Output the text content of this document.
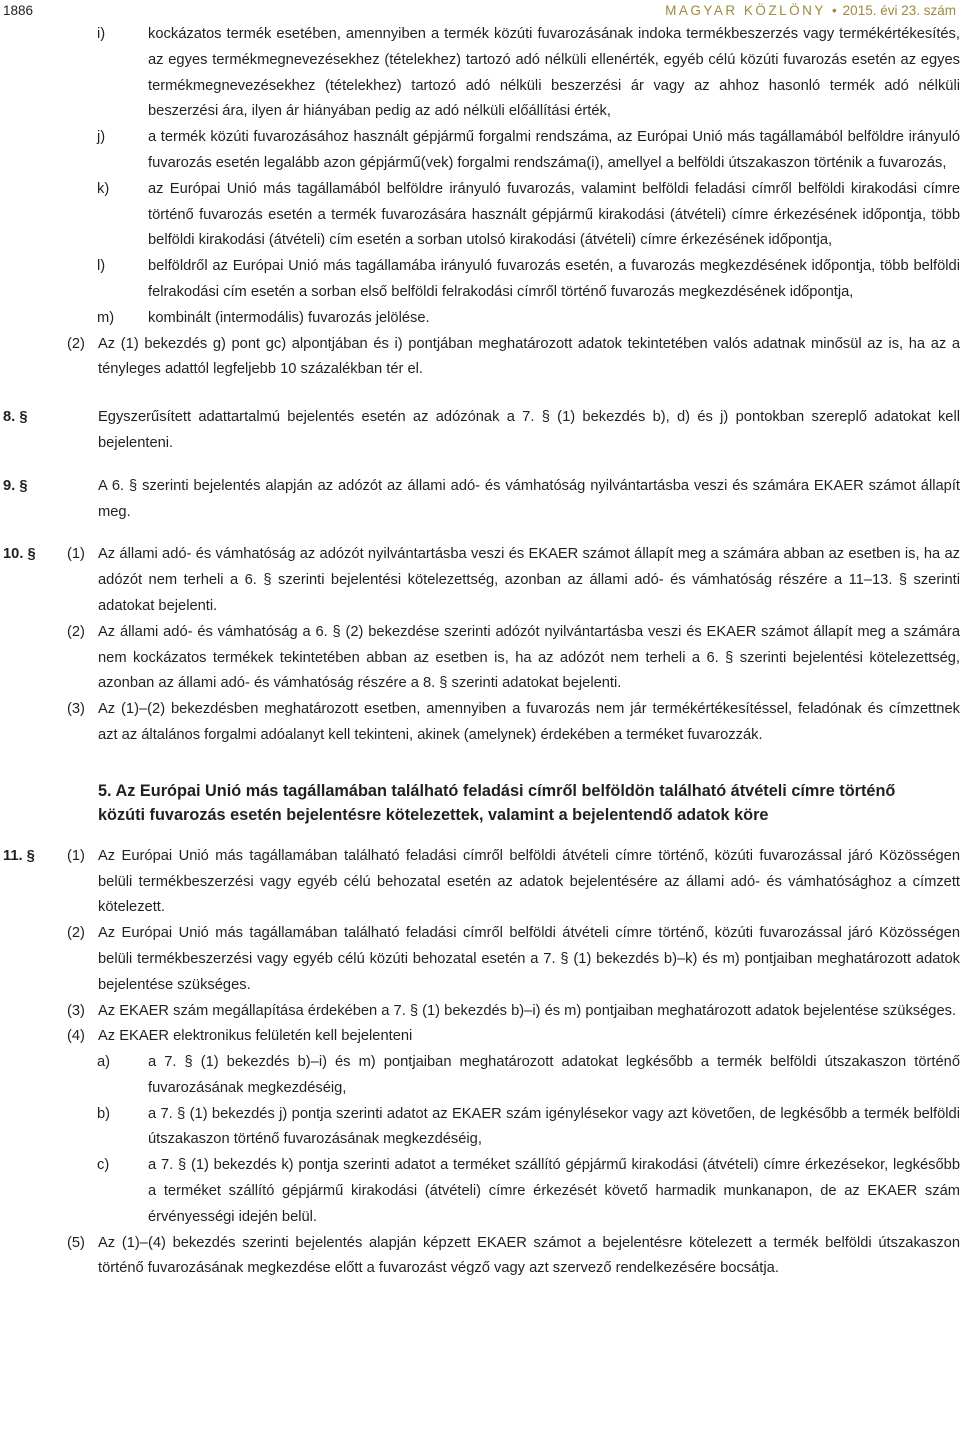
1886	MAGYAR KÖZLÖNY • 2015. évi 23. szám
i)	kockázatos termék esetében, amennyiben a termék közúti fuvarozásának indoka termékbeszerzés vagy termékértékesítés, az egyes termékmegnevezésekhez (tételekhez) tartozó adó nélküli ellenérték, egyéb célú közúti fuvarozás esetén az egyes termékmegnevezésekhez (tételekhez) tartozó adó nélküli beszerzési ár vagy az ahhoz hasonló termék adó nélküli beszerzési ára, ilyen ár hiányában pedig az adó nélküli előállítási érték,
j)	a termék közúti fuvarozásához használt gépjármű forgalmi rendszáma, az Európai Unió más tagállamából belföldre irányuló fuvarozás esetén legalább azon gépjármű(vek) forgalmi rendszáma(i), amellyel a belföldi útszakaszon történik a fuvarozás,
k)	az Európai Unió más tagállamából belföldre irányuló fuvarozás, valamint belföldi feladási címről belföldi kirakodási címre történő fuvarozás esetén a termék fuvarozására használt gépjármű kirakodási (átvételi) címre érkezésének időpontja, több belföldi kirakodási (átvételi) cím esetén a sorban utolsó kirakodási (átvételi) címre érkezésének időpontja,
l)	belföldről az Európai Unió más tagállamába irányuló fuvarozás esetén, a fuvarozás megkezdésének időpontja, több belföldi felrakodási cím esetén a sorban első belföldi felrakodási címről történő fuvarozás megkezdésének időpontja,
m) kombinált (intermodális) fuvarozás jelölése.
(2) Az (1) bekezdés g) pont gc) alpontjában és i) pontjában meghatározott adatok tekintetében valós adatnak minősül az is, ha az a tényleges adattól legfeljebb 10 százalékban tér el.
8. §	Egyszerűsített adattartalmú bejelentés esetén az adózónak a 7. § (1) bekezdés b), d) és j) pontokban szereplő adatokat kell bejelenteni.
9. §	A 6. § szerinti bejelentés alapján az adózót az állami adó- és vámhatóság nyilvántartásba veszi és számára EKAER számot állapít meg.
10. § (1) Az állami adó- és vámhatóság az adózót nyilvántartásba veszi és EKAER számot állapít meg a számára abban az esetben is, ha az adózót nem terheli a 6. § szerinti bejelentési kötelezettség, azonban az állami adó- és vámhatóság részére a 11–13. § szerinti adatokat bejelenti.
(2) Az állami adó- és vámhatóság a 6. § (2) bekezdése szerinti adózót nyilvántartásba veszi és EKAER számot állapít meg a számára nem kockázatos termékek tekintetében abban az esetben is, ha az adózót nem terheli a 6. § szerinti bejelentési kötelezettség, azonban az állami adó- és vámhatóság részére a 8. § szerinti adatokat bejelenti.
(3) Az (1)–(2) bekezdésben meghatározott esetben, amennyiben a fuvarozás nem jár termékértékesítéssel, feladónak és címzettnek azt az általános forgalmi adóalanyt kell tekinteni, akinek (amelynek) érdekében a terméket fuvarozzák.
5. Az Európai Unió más tagállamában található feladási címről belföldön található átvételi címre történő közúti fuvarozás esetén bejelentésre kötelezettek, valamint a bejelentendő adatok köre
11. § (1) Az Európai Unió más tagállamában található feladási címről belföldi átvételi címre történő, közúti fuvarozással járó Közösségen belüli termékbeszerzési vagy egyéb célú behozatal esetén az adatok bejelentésére az állami adó- és vámhatósághoz a címzett kötelezett.
(2) Az Európai Unió más tagállamában található feladási címről belföldi átvételi címre történő, közúti fuvarozással járó Közösségen belüli termékbeszerzési vagy egyéb célú közúti behozatal esetén a 7. § (1) bekezdés b)–k) és m) pontjaiban meghatározott adatok bejelentése szükséges.
(3) Az EKAER szám megállapítása érdekében a 7. § (1) bekezdés b)–i) és m) pontjaiban meghatározott adatok bejelentése szükséges.
(4) Az EKAER elektronikus felületén kell bejelenteni
a)	a 7. § (1) bekezdés b)–i) és m) pontjaiban meghatározott adatokat legkésőbb a termék belföldi útszakaszon történő fuvarozásának megkezdéséig,
b)	a 7. § (1) bekezdés j) pontja szerinti adatot az EKAER szám igénylésekor vagy azt követően, de legkésőbb a termék belföldi útszakaszon történő fuvarozásának megkezdéséig,
c)	a 7. § (1) bekezdés k) pontja szerinti adatot a terméket szállító gépjármű kirakodási (átvételi) címre érkezésekor, legkésőbb a terméket szállító gépjármű kirakodási (átvételi) címre érkezését követő harmadik munkanapon, de az EKAER szám érvényességi idején belül.
(5) Az (1)–(4) bekezdés szerinti bejelentés alapján képzett EKAER számot a bejelentésre kötelezett a termék belföldi útszakaszon történő fuvarozásának megkezdése előtt a fuvarozást végző vagy azt szervező rendelkezésére bocsátja.
